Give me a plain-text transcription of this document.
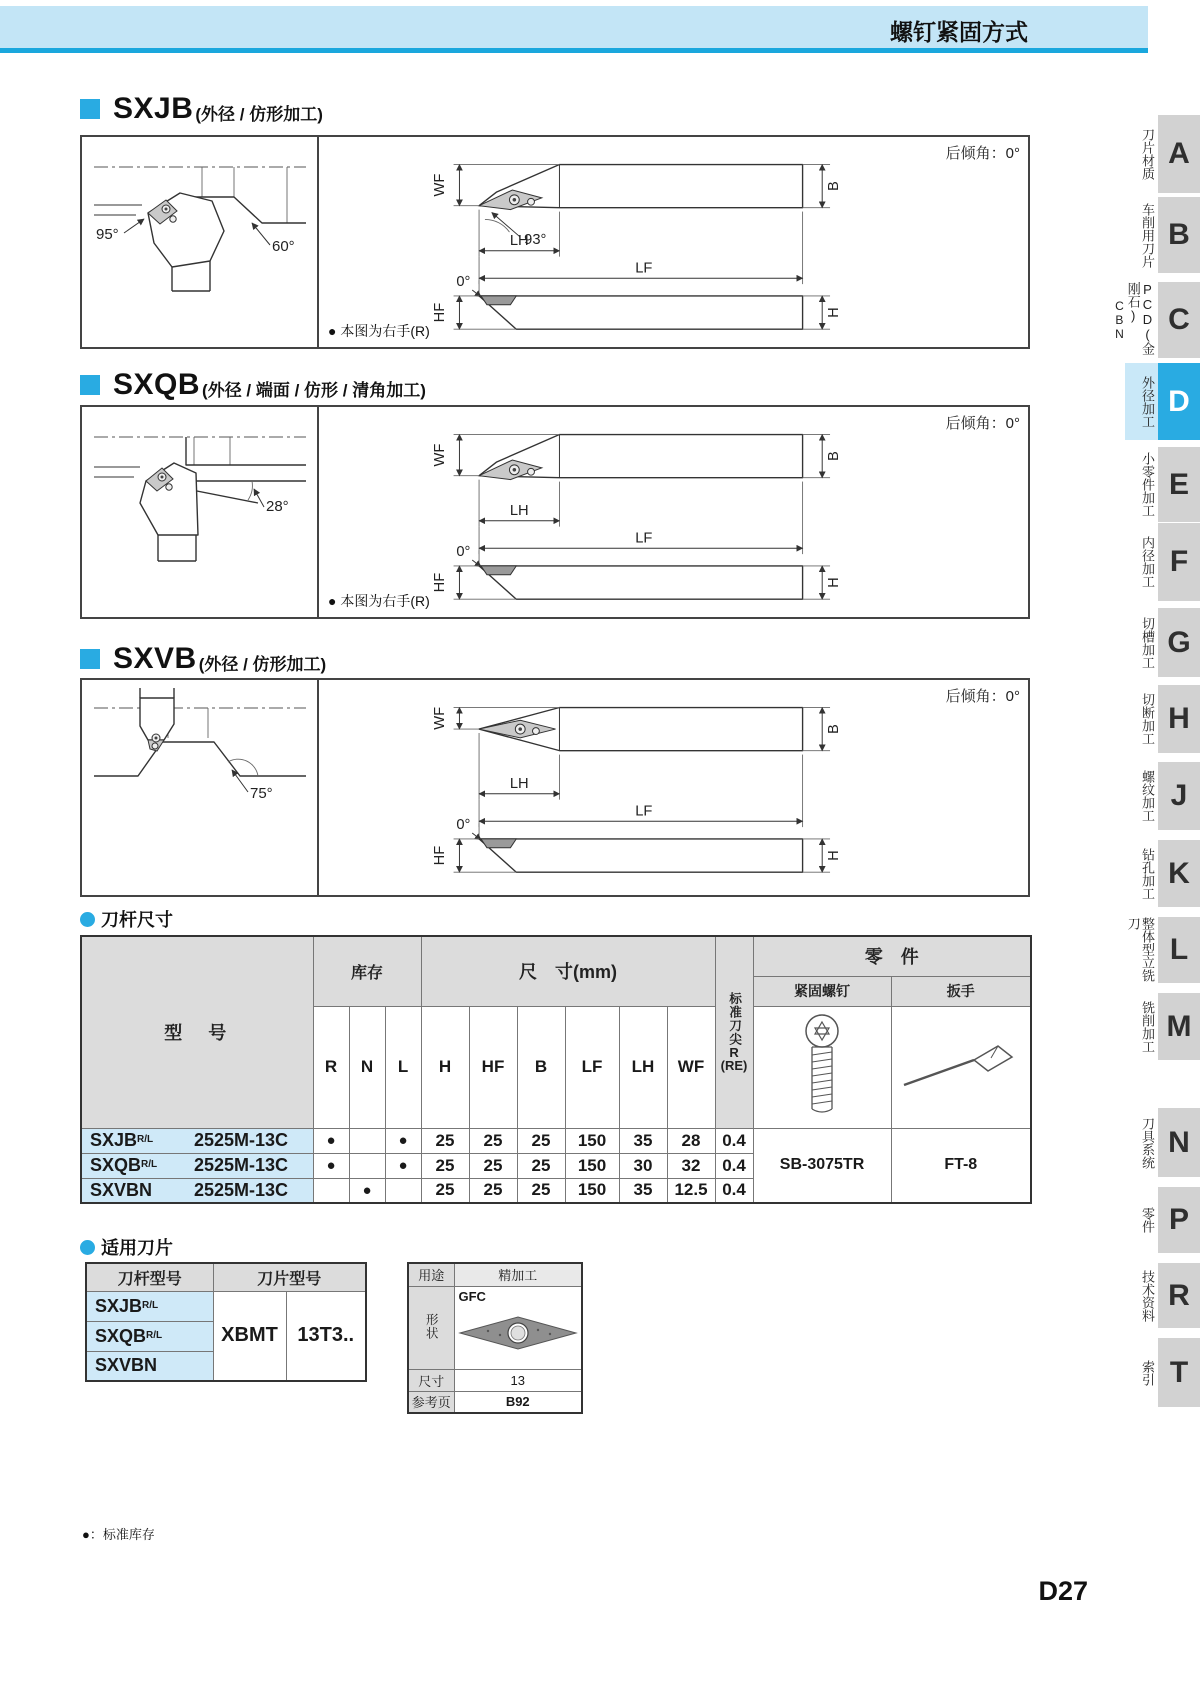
螺钉紧固方式
SXJB (外径 / 仿形加工)
后倾角：0°
95°
60°
WF	B
93°
LH
LF
0°
HF	H
● 本图为右手(R)
SXQB (外径 / 端面 / 仿形 / 清角加工)
后倾角：0°
28°
WF	B
LH
LF
0°
HF	H
● 本图为右手(R)
SXVB (外径 / 仿形加工)
后倾角：0°
75°
WF	B
LH
LF
0°
HF	H
刀杆尺寸
型　号	库存			尺　寸(mm)						标准刀尖
R
(RE)	零　件	
											紧固螺钉	扳手
	R	N	L	H	HF	B	LF	LH	WF		
$SXJB^{R/L}$ 2525M-13C	●		●	25	25	25	150	35	28	0.4	SB-3075TR	FT-8
$SXQB^{R/L}$ 2525M-13C	●		●	25	25	25	150	30	32	0.4		
SXVBN 2525M-13C		●		25	25	25	150	35	12.5	0.4		
适用刀片
刀杆型号	刀片型号	
$SXJB^{R/L}$	XBMT	13T3..
$SXQB^{R/L}$
SXVBN		
用途	精加工
形状	GFC

尺寸	13
参考页	B92
刀片材质 A
车削用刀片 B
CBN	PCD(金刚石) C
外径加工 D
小零件加工 E
内径加工 F
切槽加工 G
切断加工 H
螺纹加工 J
钻孔加工 K
整体型立铣刀
L
铣削加工 M
刀具系统 N
零件 P
技术资料 R
索引 T
●：标准库存
D27
